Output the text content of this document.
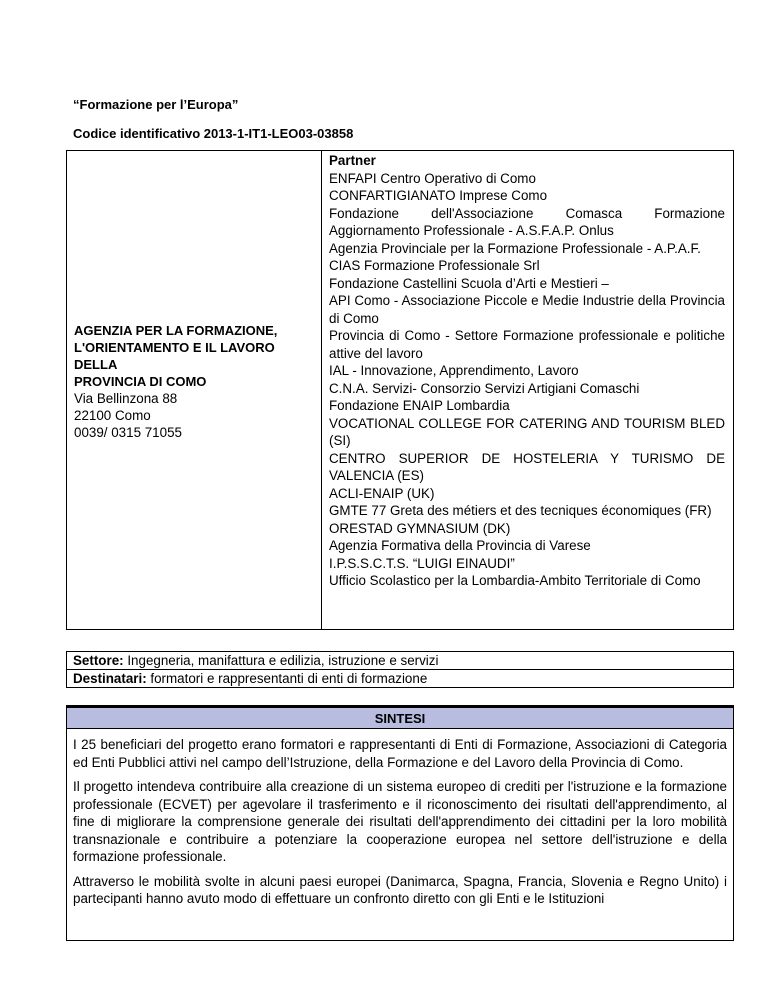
“Formazione per l’Europa”
Codice identificativo 2013-1-IT1-LEO03-03858
AGENZIA PER LA FORMAZIONE,
L'ORIENTAMENTO E IL LAVORO DELLA
PROVINCIA DI COMO
Via Bellinzona 88
22100 Como
0039/ 0315 71055
Partner
ENFAPI Centro Operativo di Como
CONFARTIGIANATO Imprese Como
Fondazione dell'Associazione Comasca Formazione Aggiornamento Professionale - A.S.F.A.P. Onlus
Agenzia Provinciale per la Formazione Professionale - A.P.A.F.
CIAS Formazione Professionale Srl
Fondazione Castellini Scuola d’Arti e Mestieri –
API Como - Associazione Piccole e Medie Industrie della Provincia di Como
Provincia di Como - Settore Formazione professionale e politiche attive del lavoro
IAL - Innovazione, Apprendimento, Lavoro
C.N.A. Servizi- Consorzio Servizi Artigiani Comaschi
Fondazione ENAIP Lombardia
VOCATIONAL COLLEGE FOR CATERING AND TOURISM BLED (SI)
CENTRO SUPERIOR DE HOSTELERIA Y TURISMO DE VALENCIA (ES)
ACLI-ENAIP (UK)
GMTE 77 Greta des métiers et des tecniques économiques (FR)
ORESTAD GYMNASIUM (DK)
Agenzia Formativa della Provincia di Varese
I.P.S.S.C.T.S. “LUIGI EINAUDI”
Ufficio Scolastico per la Lombardia-Ambito Territoriale di Como
Settore: Ingegneria, manifattura e edilizia, istruzione e servizi
Destinatari: formatori e rappresentanti di enti di formazione
SINTESI

I 25 beneficiari del progetto erano formatori e rappresentanti di Enti di Formazione, Associazioni di Categoria ed Enti Pubblici attivi nel campo dell’Istruzione, della Formazione e del Lavoro della Provincia di Como.

Il progetto intendeva contribuire alla creazione di un sistema europeo di crediti per l'istruzione e la formazione professionale (ECVET) per agevolare il trasferimento e il riconoscimento dei risultati dell'apprendimento, al fine di migliorare la comprensione generale dei risultati dell'apprendimento dei cittadini per la loro mobilità transnazionale e contribuire a potenziare la cooperazione europea nel settore dell'istruzione e della formazione professionale.

Attraverso le mobilità svolte in alcuni paesi europei (Danimarca, Spagna, Francia, Slovenia e Regno Unito) i partecipanti hanno avuto modo di effettuare un confronto diretto con gli Enti e le Istituzioni
